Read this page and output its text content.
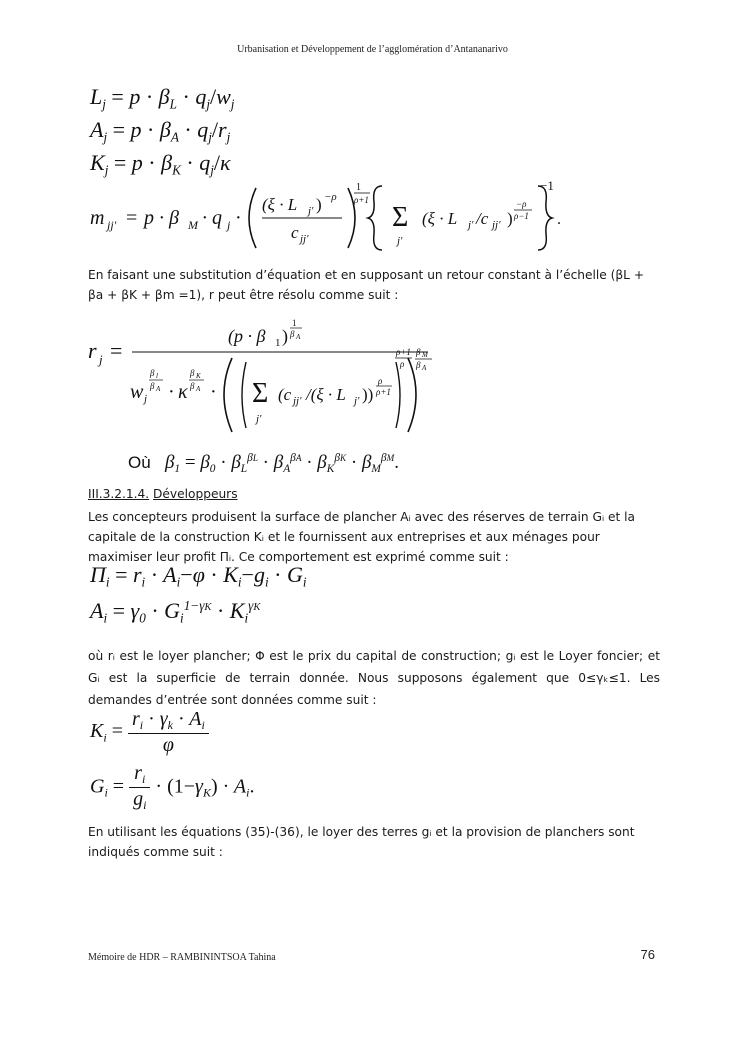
Urbanisation et Développement de l’agglomération d’Antananarivo
$L_j = p \cdot \beta_L \cdot q_j/w_j$
$A_j = p \cdot \beta_A \cdot q_j/r_j$
$K_j = p \cdot \beta_K \cdot q_j/\kappa$
m jj' = p · β M · q j ·
(ξ · L j' ) −ρ
c jj'
1
ρ+1
Σ
j'
(ξ · L j' /c jj' )
−ρ
ρ−1
−1
.
En faisant une substitution d’équation et en supposant un retour constant à l’échelle (βL + βa + βK + βm =1), r peut être résolu comme suit :
r j =
(p · β 1 )
1
β A
w j
β l
β A · κ
β K
β A · Σ
j'
(c jj' /(ξ · L j' ))
ρ
ρ+1
ρ+1
ρ
β M
β A
Où   $\beta_1 = \beta_0 \cdot \beta_L^{\beta L} \cdot \beta_A^{\beta A} \cdot \beta_K^{\beta K} \cdot \beta_M^{\beta M}$.
III.3.2.1.4. Développeurs
Les concepteurs produisent la surface de plancher Aᵢ avec des réserves de terrain Gᵢ et la capitale de la construction Kᵢ et le fournissent aux entreprises et aux ménages pour maximiser leur profit Πᵢ. Ce comportement est exprimé comme suit :
$\Pi_i = r_i \cdot A_i-\varphi \cdot K_i-g_i \cdot G_i$
$A_i = \gamma_0 \cdot G_i^{1-\gamma K} \cdot K_i^{\gamma K}$
où rᵢ est le loyer plancher; Φ est le prix du capital de construction; gᵢ est le Loyer foncier; et Gᵢ est la superficie de terrain donnée. Nous supposons également que 0≤γₖ≤1. Les demandes d’entrée sont données comme suit :
$K_i = \frac{r_i \cdot \gamma_k \cdot A_i}{\varphi}$
$G_i = \frac{r_i}{g_i} \cdot (1-\gamma_K) \cdot A_i$.
En utilisant les équations (35)-(36), le loyer des terres gᵢ et la provision de planchers sont indiqués comme suit :
Mémoire de HDR – RAMBININTSOA Tahina	76
